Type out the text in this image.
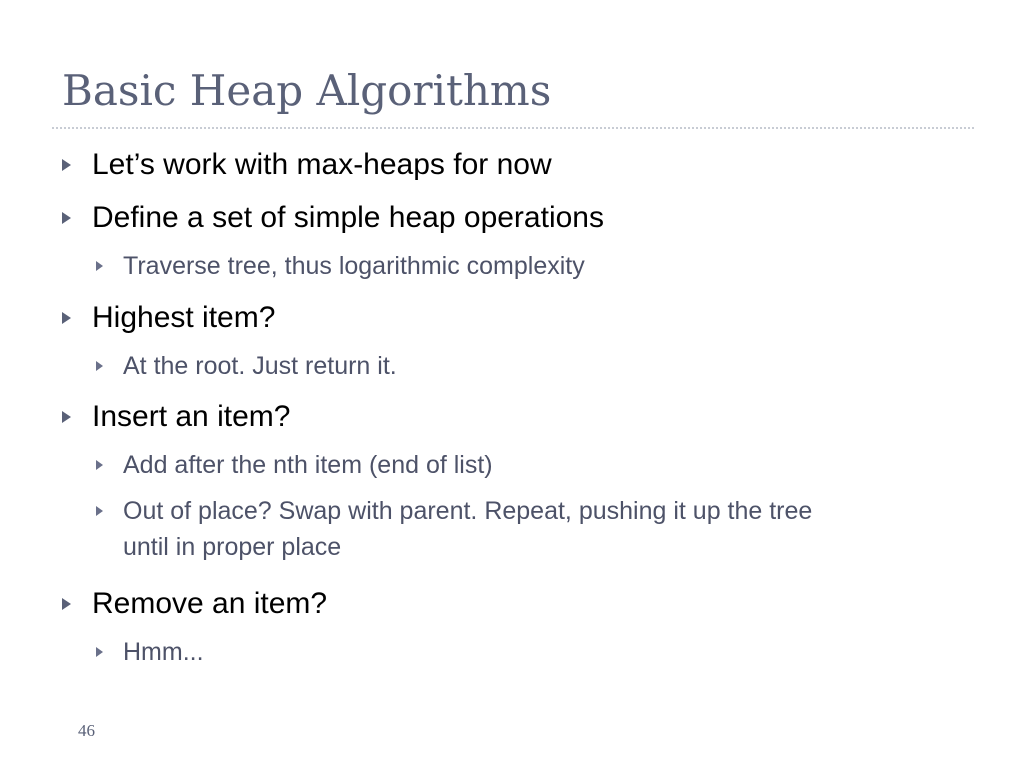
Basic Heap Algorithms
Let’s work with max-heaps for now
Define a set of simple heap operations
Traverse tree, thus logarithmic complexity
Highest item?
At the root. Just return it.
Insert an item?
Add after the nth item (end of list)
Out of place? Swap with parent. Repeat, pushing it up the tree
until in proper place
Remove an item?
Hmm...
46
